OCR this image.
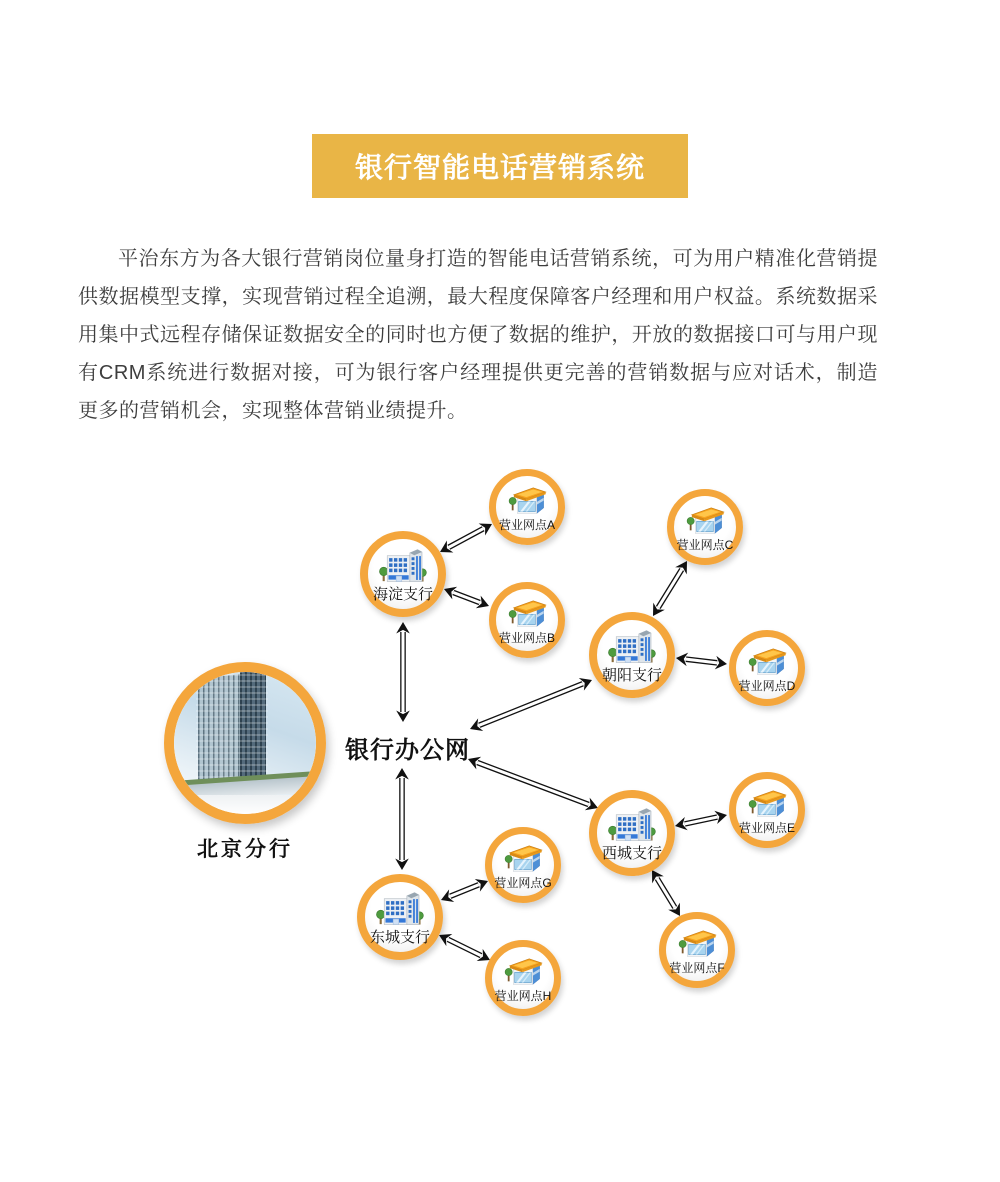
银行智能电话营销系统

平治东方为各大银行营销岗位量身打造的智能电话营销系统，可为用户精准化营销提供数据模型支撑，实现营销过程全追溯，最大程度保障客户经理和用户权益。系统数据采用集中式远程存储保证数据安全的同时也方便了数据的维护，开放的数据接口可与用户现有CRM系统进行数据对接，可为银行客户经理提供更完善的营销数据与应对话术，制造更多的营销机会，实现整体营销业绩提升。

北京分行
银行办公网
海淀支行
朝阳支行
西城支行
东城支行
营业网点A
营业网点B
营业网点C
营业网点D
营业网点E
营业网点F
营业网点G
营业网点H
